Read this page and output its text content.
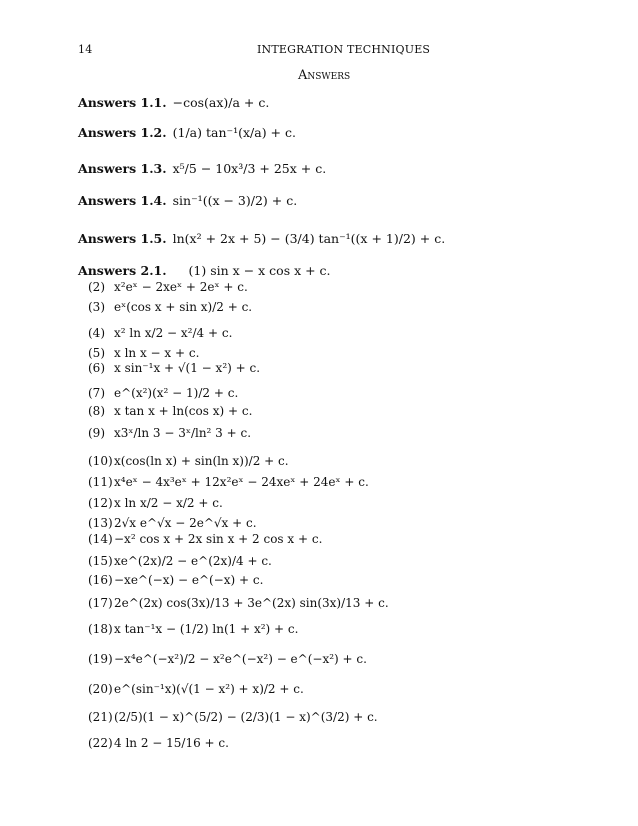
14	INTEGRATION TECHNIQUES
Answers
Answers 1.1. −cos(ax)/a + c.
Answers 1.2. (1/a) tan⁻¹(x/a) + c.
Answers 1.3. x⁵/5 − 10x³/3 + 25x + c.
Answers 1.4. sin⁻¹((x − 3)/2) + c.
Answers 1.5. ln(x² + 2x + 5) − (3/4) tan⁻¹((x + 1)/2) + c.
Answers 2.1. (1) sin x − x cos x + c.
(2) x²eˣ − 2xeˣ + 2eˣ + c.
(3) eˣ(cos x + sin x)/2 + c.
(4) x² ln x/2 − x²/4 + c.
(5) x ln x − x + c.
(6) x sin⁻¹x + √(1 − x²) + c.
(7) e^(x²)(x² − 1)/2 + c.
(8) x tan x + ln(cos x) + c.
(9) x3ˣ/ln 3 − 3ˣ/ln² 3 + c.
(10)x(cos(ln x) + sin(ln x))/2 + c.
(11)x⁴eˣ − 4x³eˣ + 12x²eˣ − 24xeˣ + 24eˣ + c.
(12)x ln x/2 − x/2 + c.
(13)2√x e^√x − 2e^√x + c.
(14)−x² cos x + 2x sin x + 2 cos x + c.
(15)xe^(2x)/2 − e^(2x)/4 + c.
(16)−xe^(−x) − e^(−x) + c.
(17)2e^(2x) cos(3x)/13 + 3e^(2x) sin(3x)/13 + c.
(18)x tan⁻¹x − (1/2) ln(1 + x²) + c.
(19)−x⁴e^(−x²)/2 − x²e^(−x²) − e^(−x²) + c.
(20)e^(sin⁻¹x)(√(1 − x²) + x)/2 + c.
(21)(2/5)(1 − x)^(5/2) − (2/3)(1 − x)^(3/2) + c.
(22)4 ln 2 − 15/16 + c.
